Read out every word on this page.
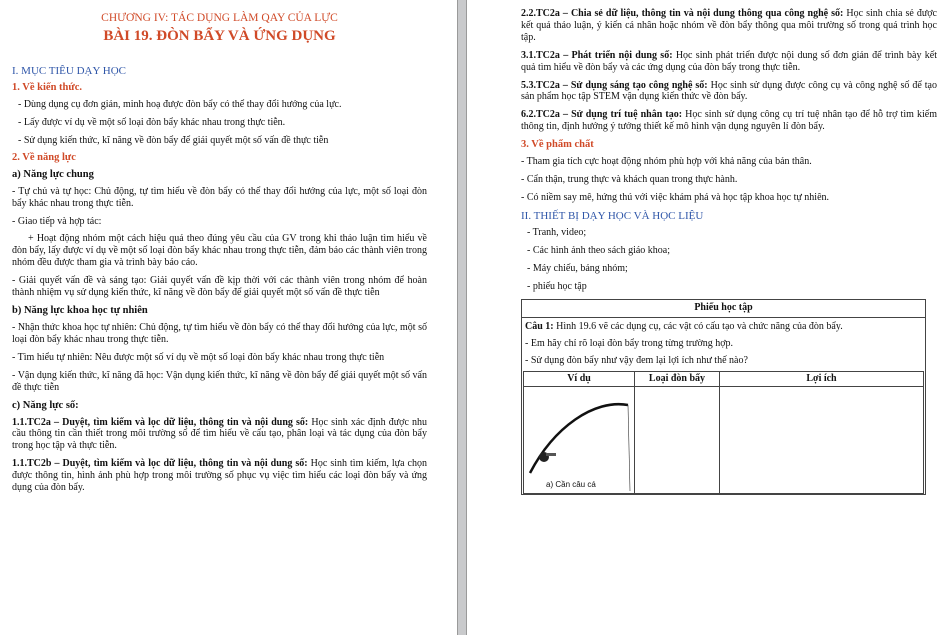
CHƯƠNG IV: TÁC DỤNG LÀM QAY CỦA LỰC
BÀI 19. ĐÒN BẨY VÀ ỨNG DỤNG
I. MỤC TIÊU DẠY HỌC
1. Về kiến thức.
- Dùng dụng cụ đơn giản, minh hoạ được đòn bẩy có thể thay đổi hướng của lực.
- Lấy được ví dụ về một số loại đòn bẩy khác nhau trong thực tiễn.
- Sử dụng kiến thức, kĩ năng về đòn bẩy để giải quyết một số vấn đề thực tiễn
2. Về năng lực
a) Năng lực chung
- Tự chủ và tự học: Chủ động, tự tìm hiểu về đòn bẩy có thể thay đổi hướng của lực, một số loại đòn bẩy khác nhau trong thực tiễn.
- Giao tiếp và hợp tác:
+ Hoạt động nhóm một cách hiệu quả theo đúng yêu cầu của GV trong khi thảo luận tìm hiểu về đòn bẩy, lấy được ví dụ về một số loại đòn bẩy khác nhau trong thực tiễn, đảm bảo các thành viên trong nhóm đều được tham gia và trình bày báo cáo.
- Giải quyết vấn đề và sáng tạo: Giải quyết vấn đề kịp thời với các thành viên trong nhóm để hoàn thành nhiệm vụ sử dụng kiến thức, kĩ năng về đòn bẩy để giải quyết một số vấn đề thực tiễn
b) Năng lực khoa học tự nhiên
- Nhận thức khoa học tự nhiên: Chủ động, tự tìm hiểu về đòn bẩy có thể thay đổi hướng của lực, một số loại đòn bẩy khác nhau trong thực tiễn.
- Tìm hiểu tự nhiên: Nêu được một số ví dụ về một số loại đòn bẩy khác nhau trong thực tiễn
- Vận dụng kiến thức, kĩ năng đã học: Vận dụng kiến thức, kĩ năng về đòn bẩy để giải quyết một số vấn đề thực tiễn
c) Năng lực số:
1.1.TC2a – Duyệt, tìm kiếm và lọc dữ liệu, thông tin và nội dung số: Học sinh xác định được nhu cầu thông tin cần thiết trong môi trường số để tìm hiểu về cấu tạo, phân loại và tác dụng của đòn bẩy trong học tập và thực tiễn.
1.1.TC2b – Duyệt, tìm kiếm và lọc dữ liệu, thông tin và nội dung số: Học sinh tìm kiếm, lựa chọn được thông tin, hình ảnh phù hợp trong môi trường số phục vụ việc tìm hiểu các loại đòn bẩy và ứng dụng của đòn bẩy.
2.2.TC2a – Chia sẻ dữ liệu, thông tin và nội dung thông qua công nghệ số: Học sinh chia sẻ được kết quả thảo luận, ý kiến cá nhân hoặc nhóm về đòn bẩy thông qua môi trường số trong quá trình học tập.
3.1.TC2a – Phát triển nội dung số: Học sinh phát triển được nội dung số đơn giản để trình bày kết quả tìm hiểu về đòn bẩy và các ứng dụng của đòn bẩy trong thực tiễn.
5.3.TC2a – Sử dụng sáng tạo công nghệ số: Học sinh sử dụng được công cụ và công nghệ số để tạo sản phẩm học tập STEM vận dụng kiến thức về đòn bẩy.
6.2.TC2a – Sử dụng trí tuệ nhân tạo: Học sinh sử dụng công cụ trí tuệ nhân tạo để hỗ trợ tìm kiếm thông tin, định hướng ý tưởng thiết kế mô hình vận dụng nguyên lí đòn bẩy.
3. Về phẩm chất
- Tham gia tích cực hoạt động nhóm phù hợp với khả năng của bản thân.
- Cẩn thận, trung thực và khách quan trong thực hành.
- Có niềm say mê, hứng thú với việc khám phá và học tập khoa học tự nhiên.
II. THIẾT BỊ DẠY HỌC VÀ HỌC LIỆU
- Tranh, video;
- Các hình ảnh theo sách giáo khoa;
- Máy chiếu, bảng nhóm;
- phiếu học tập
Phiếu học tập
Câu 1: Hình 19.6 vẽ các dụng cụ, các vật có cấu tạo và chức năng của đòn bẩy.
- Em hãy chỉ rõ loại đòn bẩy trong từng trường hợp.
- Sử dụng đòn bẩy như vậy đem lại lợi ích như thế nào?
Ví dụ	Loại đòn bẩy	Lợi ích

a) Cần câu cá		
